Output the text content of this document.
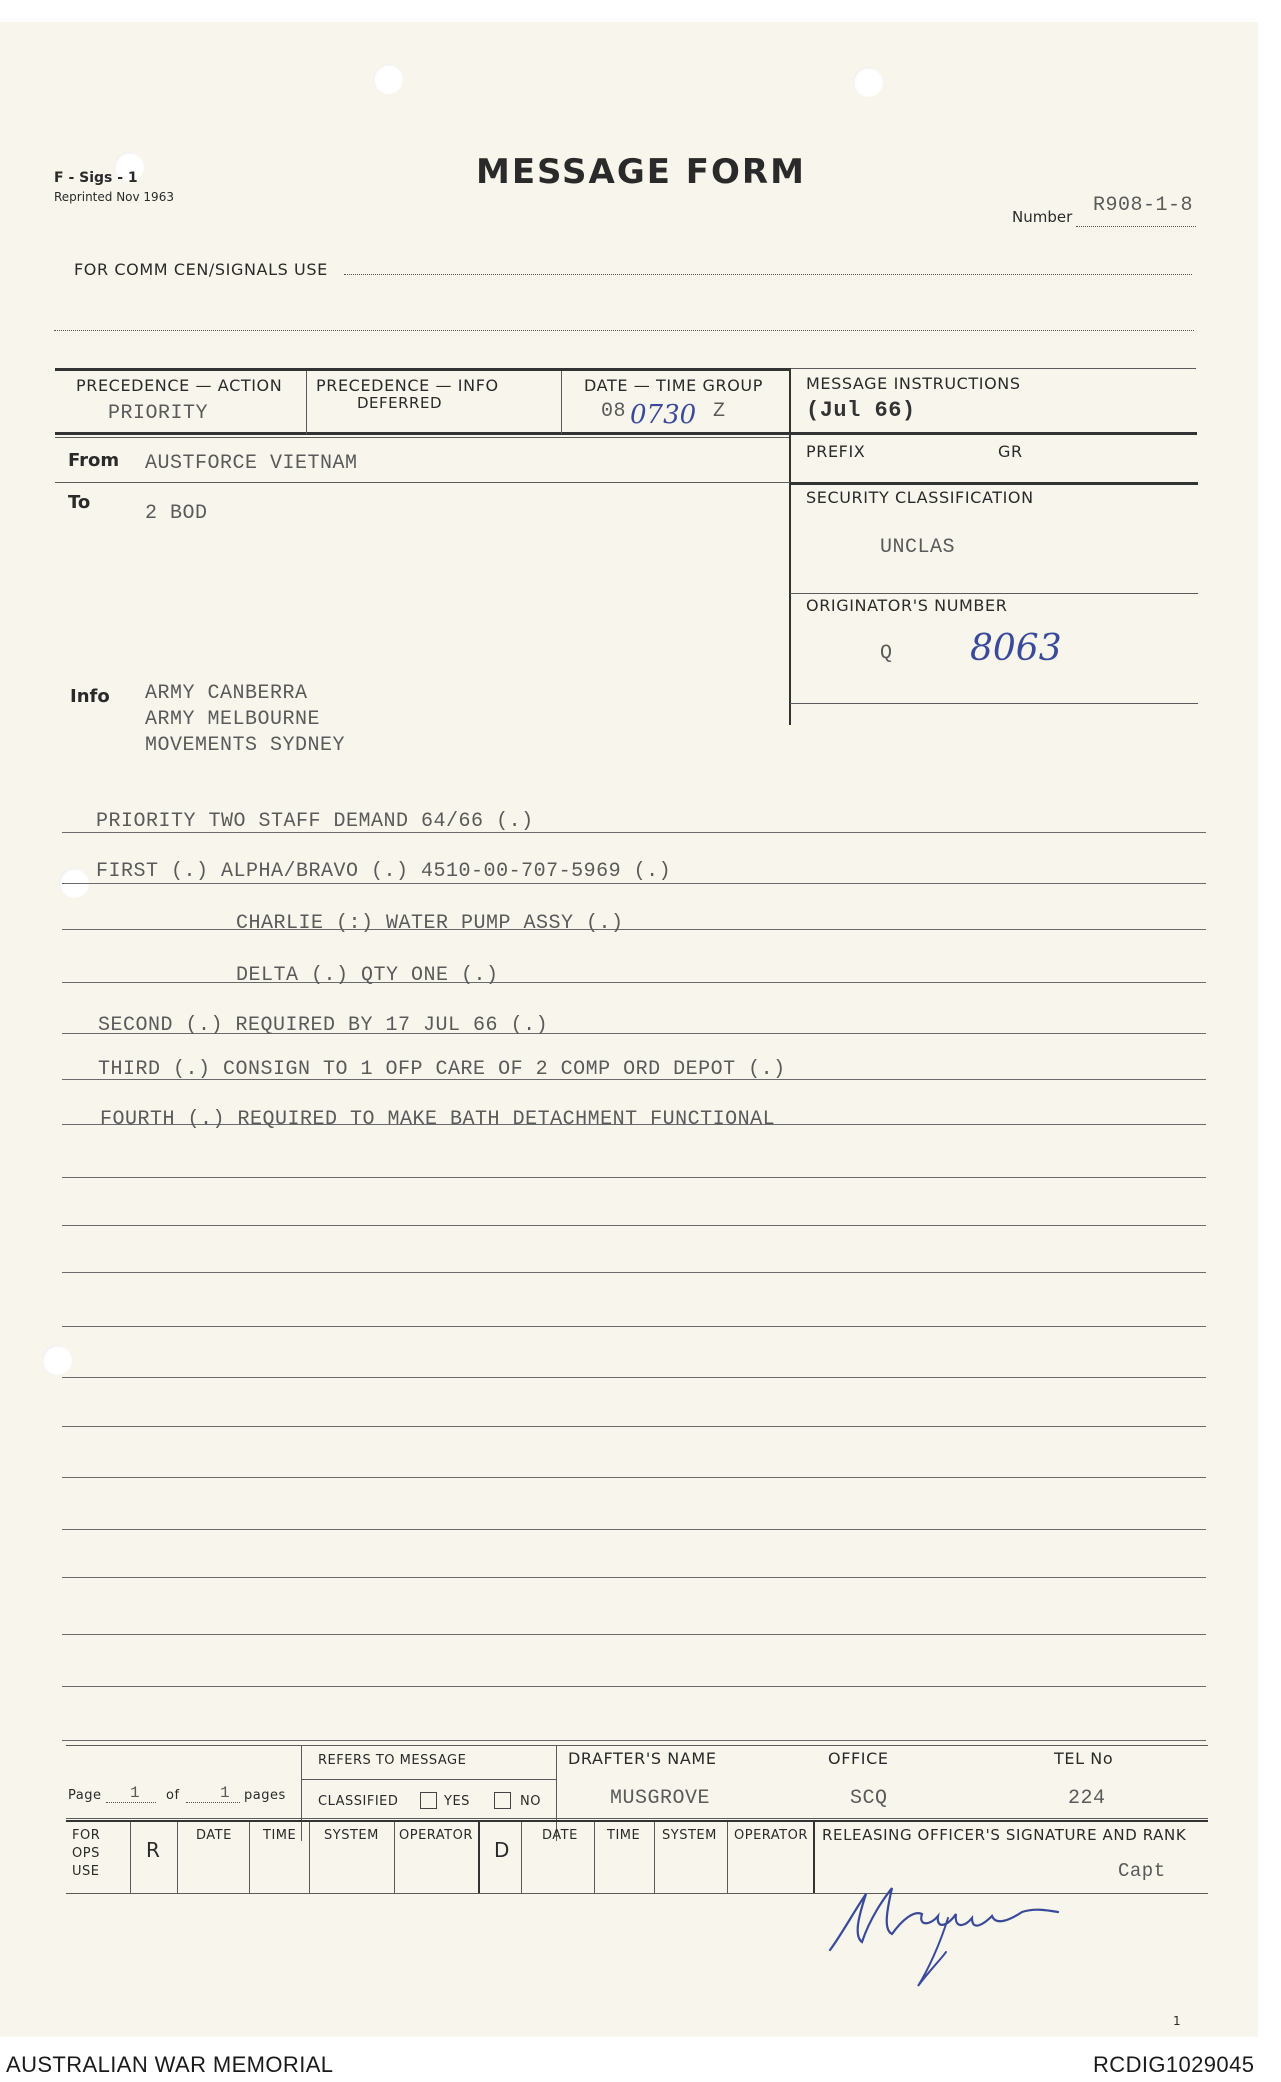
F - Sigs - 1
Reprinted Nov 1963
MESSAGE FORM
Number R908-1-8
FOR COMM CEN/SIGNALS USE
PRECEDENCE — ACTION
PRIORITY
PRECEDENCE — INFO
DEFERRED
DATE — TIME GROUP
08 0730 Z
MESSAGE INSTRUCTIONS
(Jul 66)
PREFIX	GR
From AUSTFORCE VIETNAM
To	2 BOD
Info ARMY CANBERRA
ARMY MELBOURNE
MOVEMENTS SYDNEY
SECURITY CLASSIFICATION
UNCLAS
ORIGINATOR'S NUMBER
Q 8063
PRIORITY TWO STAFF DEMAND 64/66 (.)
FIRST (.) ALPHA/BRAVO (.) 4510-00-707-5969 (.)
CHARLIE (:) WATER PUMP ASSY (.)
DELTA (.) QTY ONE (.)
SECOND (.) REQUIRED BY 17 JUL 66 (.)
THIRD (.) CONSIGN TO 1 OFP CARE OF 2 COMP ORD DEPOT (.)
FOURTH (.) REQUIRED TO MAKE BATH DETACHMENT FUNCTIONAL
Page 1 of	1 pages
REFERS TO MESSAGE
CLASSIFIED	YES	NO
DRAFTER'S NAME
MUSGROVE
OFFICE
SCQ
TEL No
224
FOR
OPS
USE
R
DATE TIME SYSTEM OPERATOR
D
DATE TIME SYSTEM OPERATOR RELEASING OFFICER'S SIGNATURE AND RANK
Capt
1
AUSTRALIAN WAR MEMORIAL	RCDIG1029045
